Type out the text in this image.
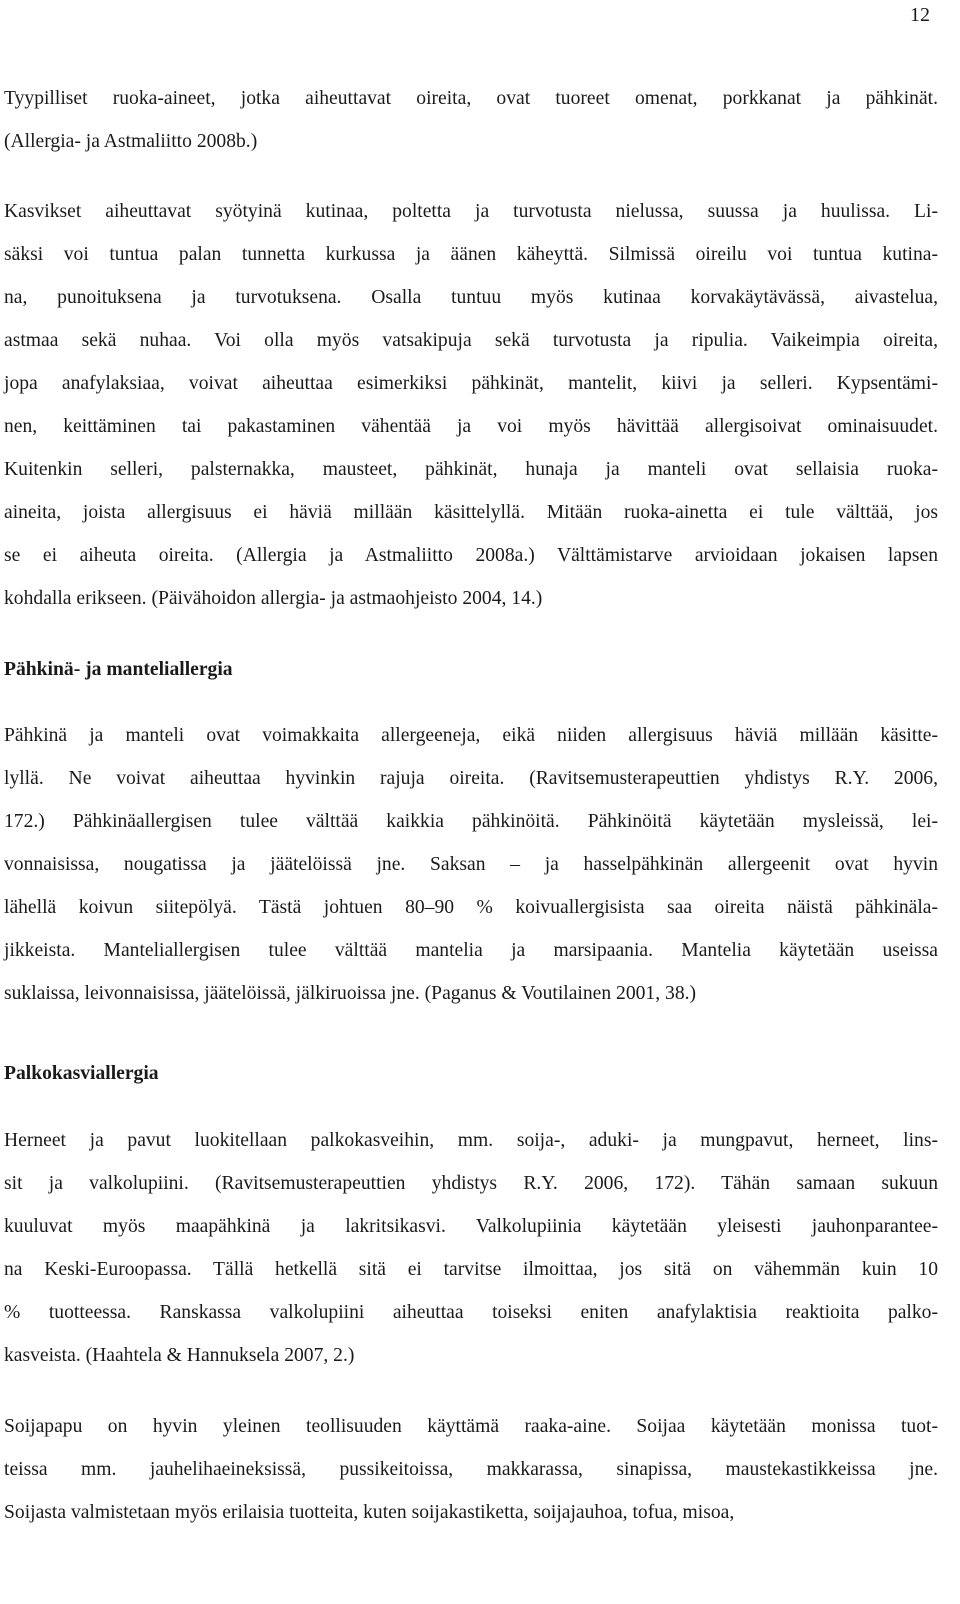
12
Tyypilliset ruoka-aineet, jotka aiheuttavat oireita, ovat tuoreet omenat, porkkanat ja pähkinät.
(Allergia- ja Astmaliitto 2008b.)
Kasvikset aiheuttavat syötyinä kutinaa, poltetta ja turvotusta nielussa, suussa ja huulissa. Li-
säksi voi tuntua palan tunnetta kurkussa ja äänen käheyttä. Silmissä oireilu voi tuntua kutina-
na, punoituksena ja turvotuksena. Osalla tuntuu myös kutinaa korvakäytävässä, aivastelua,
astmaa sekä nuhaa. Voi olla myös vatsakipuja sekä turvotusta ja ripulia. Vaikeimpia oireita,
jopa anafylaksiaa, voivat aiheuttaa esimerkiksi pähkinät, mantelit, kiivi ja selleri. Kypsentämi-
nen, keittäminen tai pakastaminen vähentää ja voi myös hävittää allergisoivat ominaisuudet.
Kuitenkin selleri, palsternakka, mausteet, pähkinät, hunaja ja manteli ovat sellaisia ruoka-
aineita, joista allergisuus ei häviä millään käsittelyllä. Mitään ruoka-ainetta ei tule välttää, jos
se ei aiheuta oireita. (Allergia ja Astmaliitto 2008a.) Välttämistarve arvioidaan jokaisen lapsen
kohdalla erikseen. (Päivähoidon allergia- ja astmaohjeisto 2004, 14.)
Pähkinä- ja manteliallergia
Pähkinä ja manteli ovat voimakkaita allergeeneja, eikä niiden allergisuus häviä millään käsitte-
lyllä. Ne voivat aiheuttaa hyvinkin rajuja oireita. (Ravitsemusterapeuttien yhdistys R.Y. 2006,
172.) Pähkinäallergisen tulee välttää kaikkia pähkinöitä. Pähkinöitä käytetään mysleissä, lei-
vonnaisissa, nougatissa ja jäätelöissä jne. Saksan – ja hasselpähkinän allergeenit ovat hyvin
lähellä koivun siitepölyä. Tästä johtuen 80–90 % koivuallergisista saa oireita näistä pähkinäla-
jikkeista. Manteliallergisen tulee välttää mantelia ja marsipaania. Mantelia käytetään useissa
suklaissa, leivonnaisissa, jäätelöissä, jälkiruoissa jne. (Paganus & Voutilainen 2001, 38.)
Palkokasviallergia
Herneet ja pavut luokitellaan palkokasveihin, mm. soija-, aduki- ja mungpavut, herneet, lins-
sit ja valkolupiini. (Ravitsemusterapeuttien yhdistys R.Y. 2006, 172). Tähän samaan sukuun
kuuluvat myös maapähkinä ja lakritsikasvi. Valkolupiinia käytetään yleisesti jauhonparantee-
na Keski-Euroopassa. Tällä hetkellä sitä ei tarvitse ilmoittaa, jos sitä on vähemmän kuin 10
% tuotteessa. Ranskassa valkolupiini aiheuttaa toiseksi eniten anafylaktisia reaktioita palko-
kasveista. (Haahtela & Hannuksela 2007, 2.)
Soijapapu on hyvin yleinen teollisuuden käyttämä raaka-aine. Soijaa käytetään monissa tuot-
teissa mm. jauhelihaeineksissä, pussikeitoissa, makkarassa, sinapissa, maustekastikkeissa jne.
Soijasta valmistetaan myös erilaisia tuotteita, kuten soijakastiketta, soijajauhoa, tofua, misoa,
